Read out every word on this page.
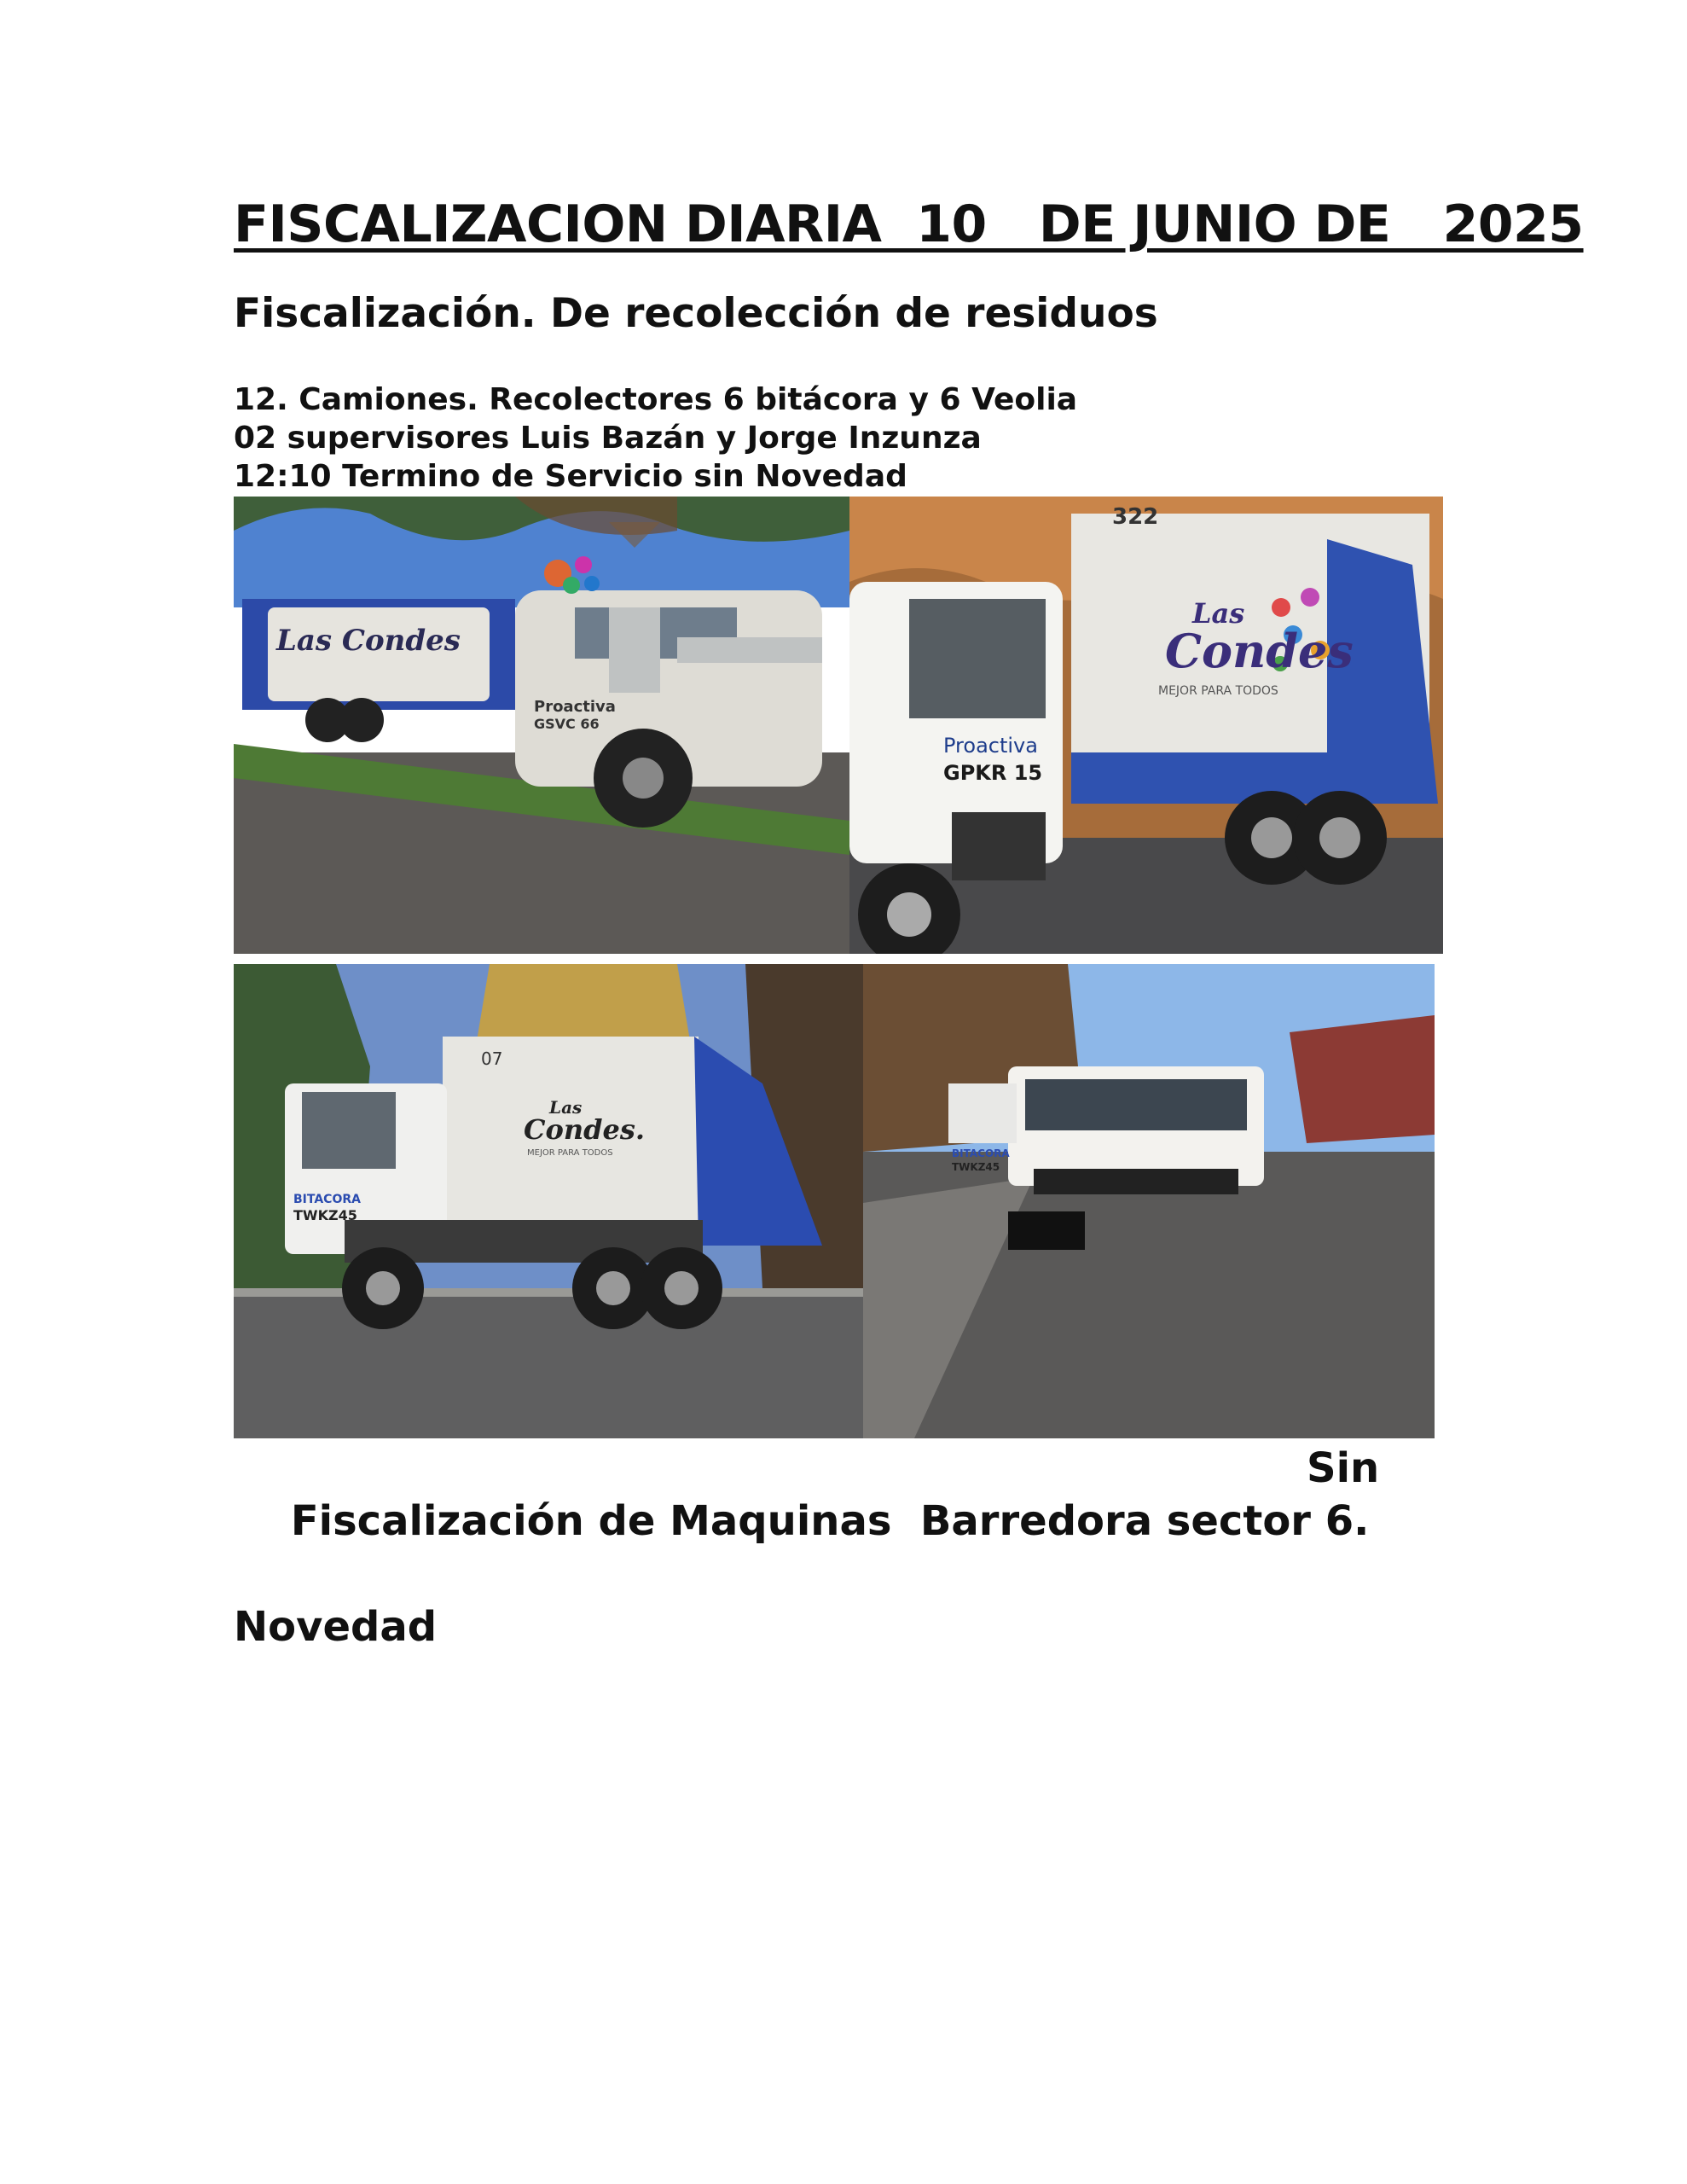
FISCALIZACION DIARIA  10   DE JUNIO DE   2025
Fiscalización. De recolección de residuos
12. Camiones. Recolectores 6 bitácora y 6 Veolia
02 supervisores Luis Bazán y Jorge Inzunza
12:10 Termino de Servicio sin Novedad
Las Condes
Proactiva
GSVC 66
322
Las
Condes
MEJOR PARA TODOS
Proactiva
GPKR 15
07
Las
Condes.
MEJOR PARA TODOS
BITACORA
TWKZ45
BITACORA
TWKZ45

Fiscalización de Maquinas  Barredora sector 6.
Sin

Novedad
